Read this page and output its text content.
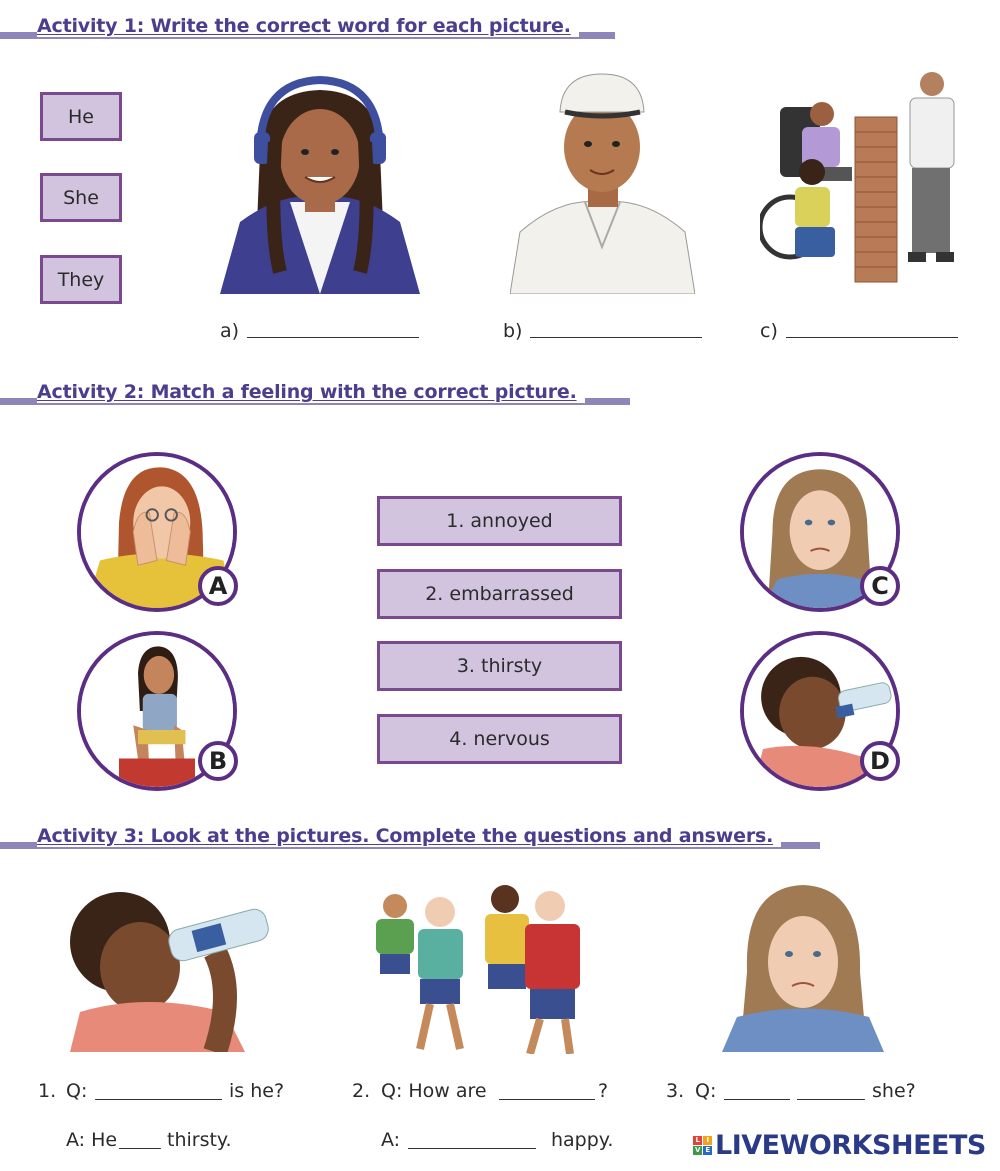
Activity 1: Write the correct word for each picture.
He
She
They
a)	b)	c)
Activity 2: Match a feeling with the correct picture.
A
B
1. annoyed
2. embarrassed
3. thirsty
4. nervous
C
D
Activity 3: Look at the pictures. Complete the questions and answers.
1. Q:	is he?
A: He	thirsty.
2. Q: How are	?
A:	happy.
3. Q:	she?
L I
V E LIVEWORKSHEETS
